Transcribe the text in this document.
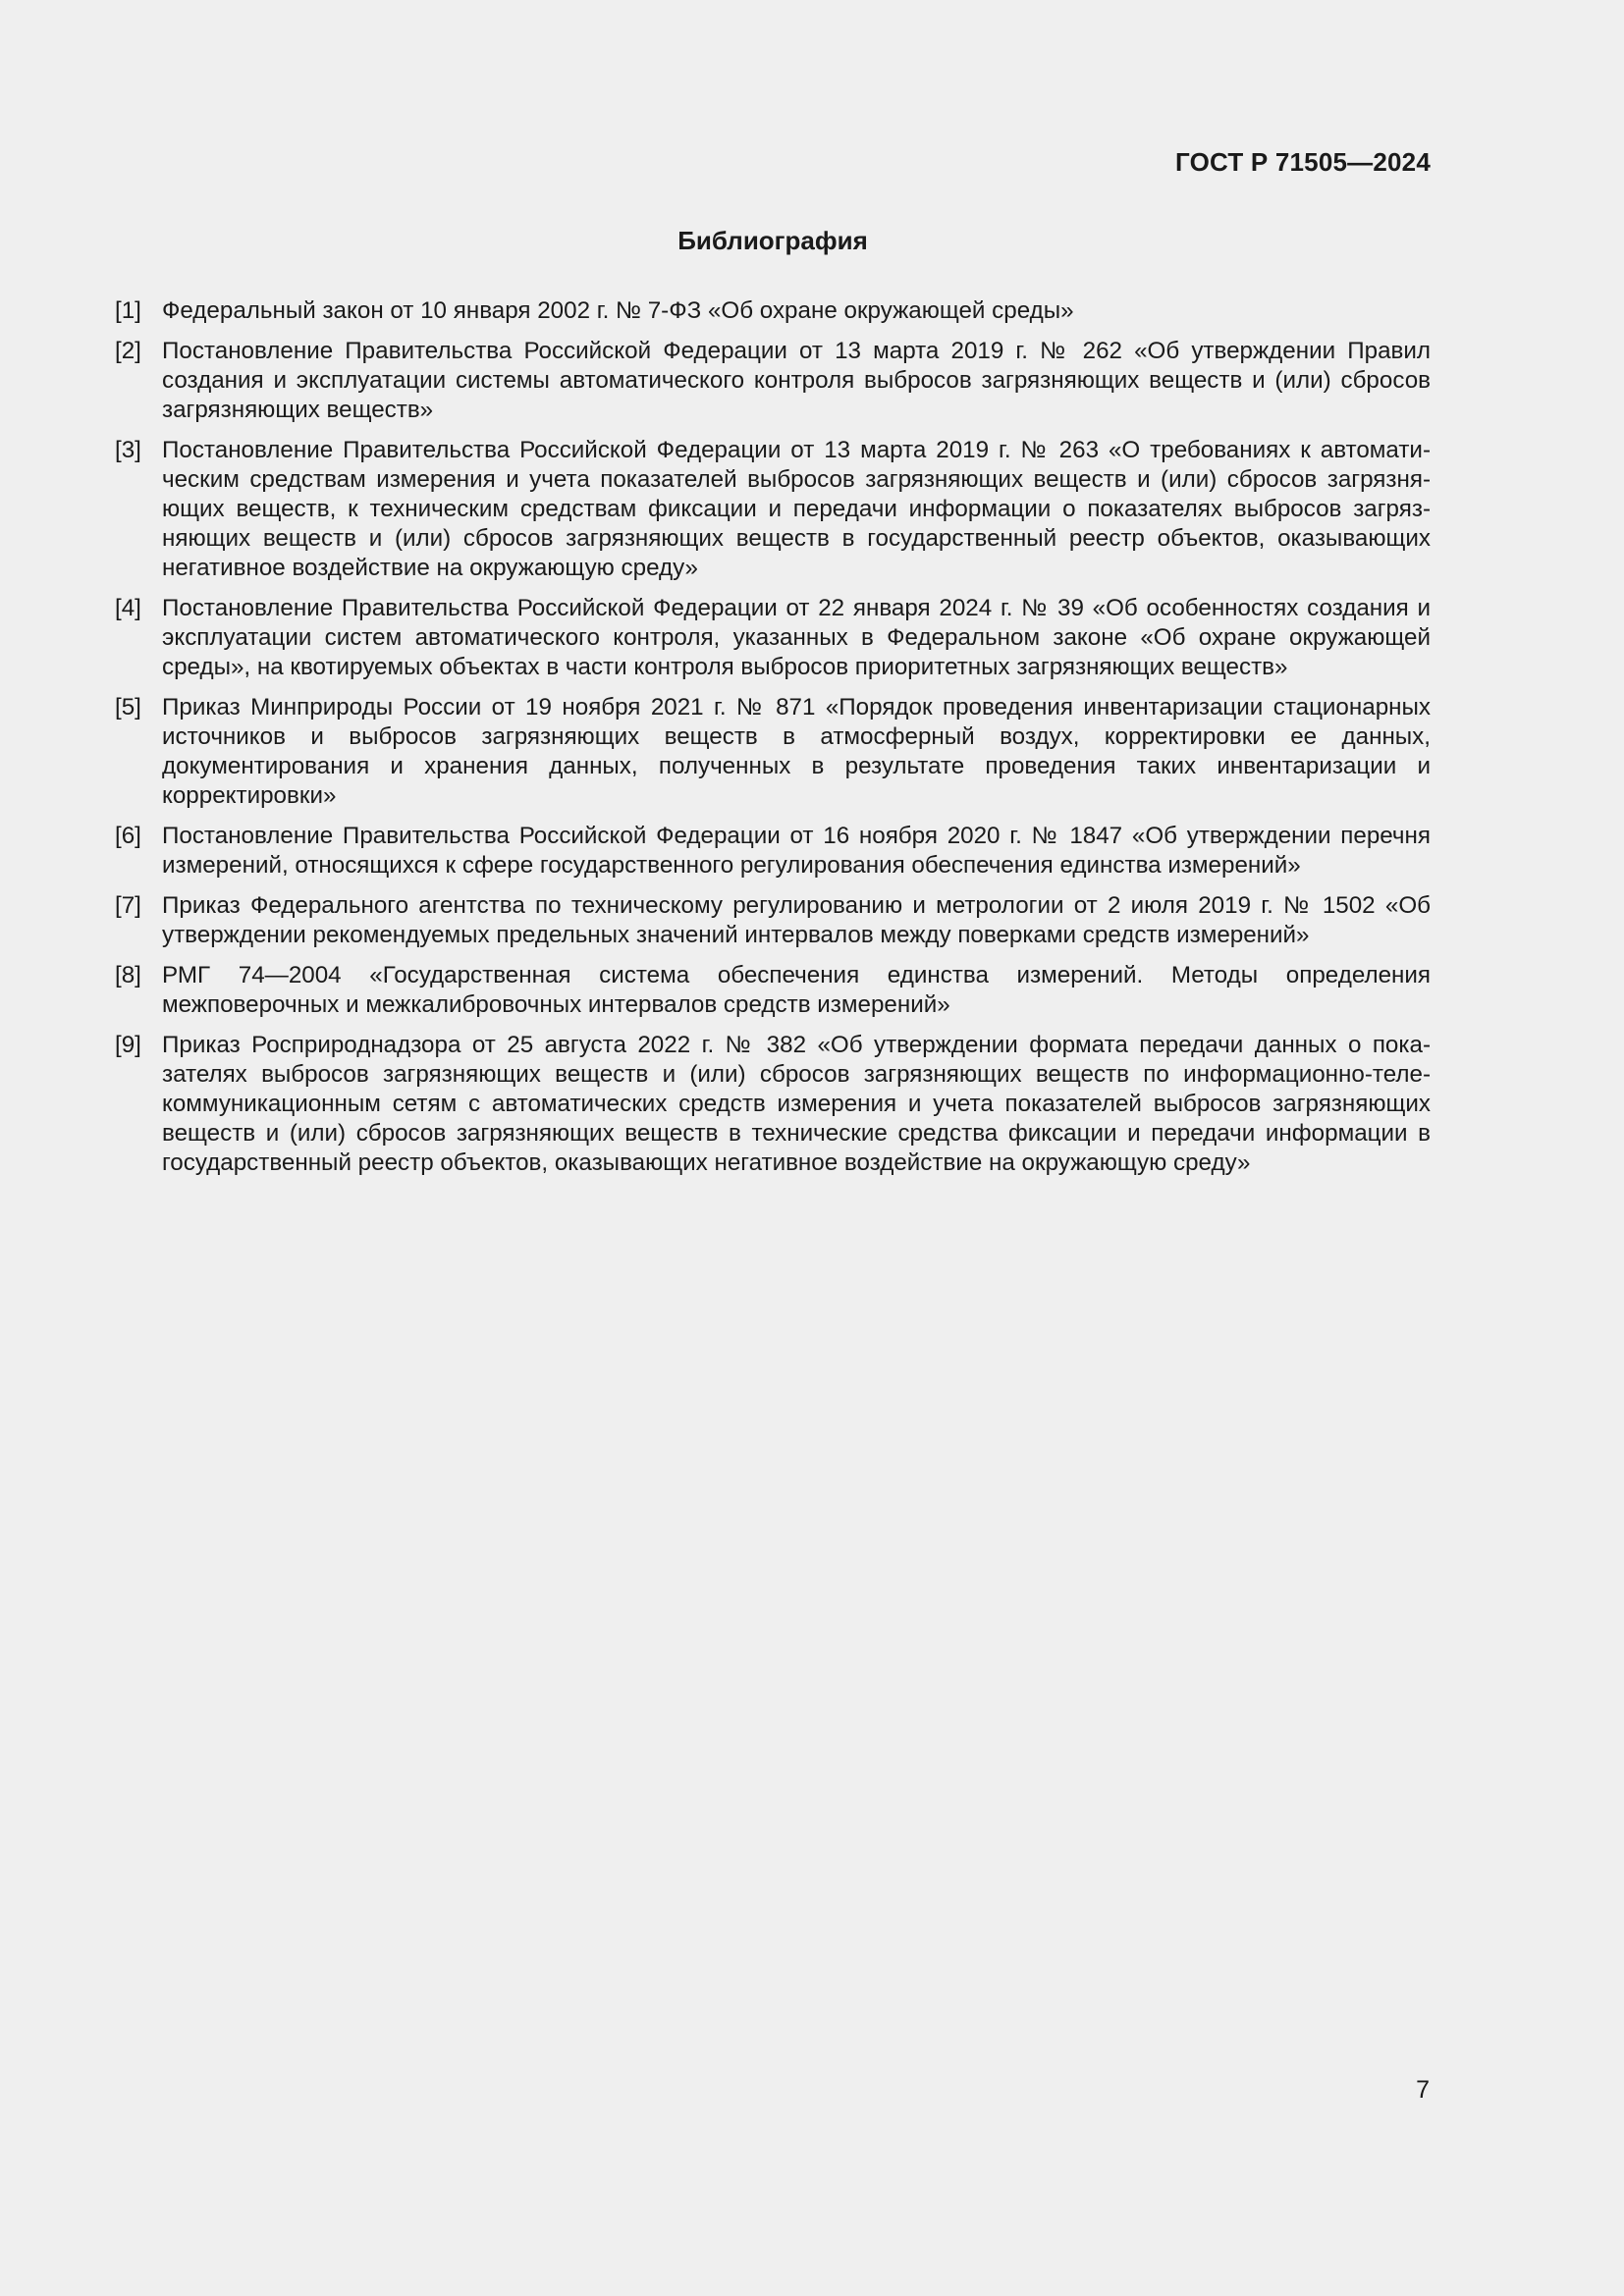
ГОСТ Р 71505—2024
Библиография
[1] Федеральный закон от 10 января 2002 г. № 7-ФЗ «Об охране окружающей среды»
[2] Постановление Правительства Российской Федерации от 13 марта 2019 г. № 262 «Об утверждении Правил создания и эксплуатации системы автоматического контроля выбросов загрязняющих веществ и (или) сбросов загрязняющих веществ»
[3] Постановление Правительства Российской Федерации от 13 марта 2019 г. № 263 «О требованиях к автоматическим средствам измерения и учета показателей выбросов загрязняющих веществ и (или) сбросов загрязняющих веществ, к техническим средствам фиксации и передачи информации о показателях выбросов загрязняющих веществ и (или) сбросов загрязняющих веществ в государственный реестр объектов, оказывающих негативное воздействие на окружающую среду»
[4] Постановление Правительства Российской Федерации от 22 января 2024 г. № 39 «Об особенностях создания и эксплуатации систем автоматического контроля, указанных в Федеральном законе «Об охране окружающей среды», на квотируемых объектах в части контроля выбросов приоритетных загрязняющих веществ»
[5] Приказ Минприроды России от 19 ноября 2021 г. № 871 «Порядок проведения инвентаризации стационарных источников и выбросов загрязняющих веществ в атмосферный воздух, корректировки ее данных, документирования и хранения данных, полученных в результате проведения таких инвентаризации и корректировки»
[6] Постановление Правительства Российской Федерации от 16 ноября 2020 г. № 1847 «Об утверждении перечня измерений, относящихся к сфере государственного регулирования обеспечения единства измерений»
[7] Приказ Федерального агентства по техническому регулированию и метрологии от 2 июля 2019 г. № 1502 «Об утверждении рекомендуемых предельных значений интервалов между поверками средств измерений»
[8] РМГ 74—2004 «Государственная система обеспечения единства измерений. Методы определения межповерочных и межкалибровочных интервалов средств измерений»
[9] Приказ Росприроднадзора от 25 августа 2022 г. № 382 «Об утверждении формата передачи данных о показателях выбросов загрязняющих веществ и (или) сбросов загрязняющих веществ по информационно-телекоммуникационным сетям с автоматических средств измерения и учета показателей выбросов загрязняющих веществ и (или) сбросов загрязняющих веществ в технические средства фиксации и передачи информации в государственный реестр объектов, оказывающих негативное воздействие на окружающую среду»
7
